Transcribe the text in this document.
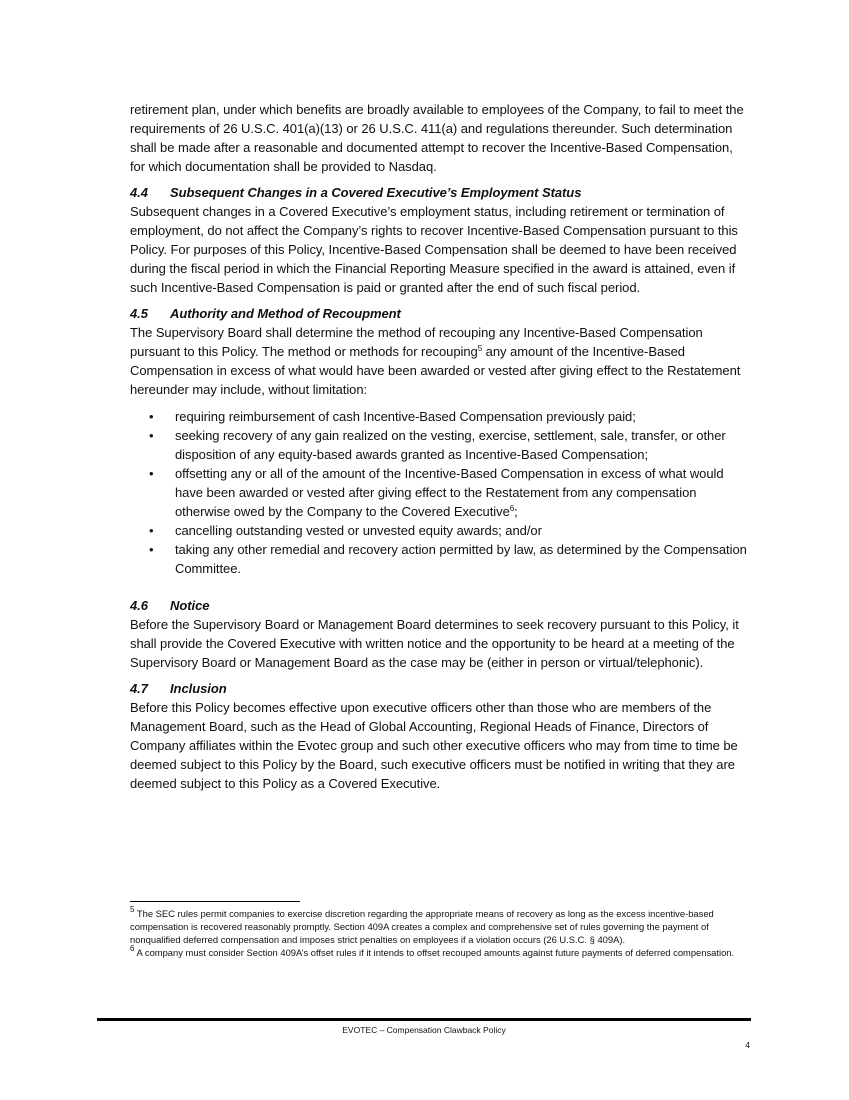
retirement plan, under which benefits are broadly available to employees of the Company, to fail to meet the requirements of 26 U.S.C. 401(a)(13) or 26 U.S.C. 411(a) and regulations thereunder. Such determination shall be made after a reasonable and documented attempt to recover the Incentive-Based Compensation, for which documentation shall be provided to Nasdaq.

4.4 Subsequent Changes in a Covered Executive’s Employment Status

Subsequent changes in a Covered Executive’s employment status, including retirement or termination of employment, do not affect the Company’s rights to recover Incentive-Based Compensation pursuant to this Policy. For purposes of this Policy, Incentive-Based Compensation shall be deemed to have been received during the fiscal period in which the Financial Reporting Measure specified in the award is attained, even if such Incentive-Based Compensation is paid or granted after the end of such fiscal period.

4.5 Authority and Method of Recoupment

The Supervisory Board shall determine the method of recouping any Incentive-Based Compensation pursuant to this Policy. The method or methods for recouping$^5$ any amount of the Incentive-Based Compensation in excess of what would have been awarded or vested after giving effect to the Restatement hereunder may include, without limitation:

• requiring reimbursement of cash Incentive-Based Compensation previously paid;
• seeking recovery of any gain realized on the vesting, exercise, settlement, sale, transfer, or other disposition of any equity-based awards granted as Incentive-Based Compensation;
• offsetting any or all of the amount of the Incentive-Based Compensation in excess of what would have been awarded or vested after giving effect to the Restatement from any compensation otherwise owed by the Company to the Covered Executive$^6$;
• cancelling outstanding vested or unvested equity awards; and/or
• taking any other remedial and recovery action permitted by law, as determined by the Compensation Committee.
4.6 Notice

Before the Supervisory Board or Management Board determines to seek recovery pursuant to this Policy, it shall provide the Covered Executive with written notice and the opportunity to be heard at a meeting of the Supervisory Board or Management Board as the case may be (either in person or virtual/telephonic).

4.7 Inclusion

Before this Policy becomes effective upon executive officers other than those who are members of the Management Board, such as the Head of Global Accounting, Regional Heads of Finance, Directors of Company affiliates within the Evotec group and such other executive officers who may from time to time be deemed subject to this Policy by the Board, such executive officers must be notified in writing that they are deemed subject to this Policy as a Covered Executive.

$^5$ The SEC rules permit companies to exercise discretion regarding the appropriate means of recovery as long as the excess incentive-based compensation is recovered reasonably promptly. Section 409A creates a complex and comprehensive set of rules governing the payment of nonqualified deferred compensation and imposes strict penalties on employees if a violation occurs (26 U.S.C. § 409A).

$^6$ A company must consider Section 409A’s offset rules if it intends to offset recouped amounts against future payments of deferred compensation.

EVOTEC – Compensation Clawback Policy
4
